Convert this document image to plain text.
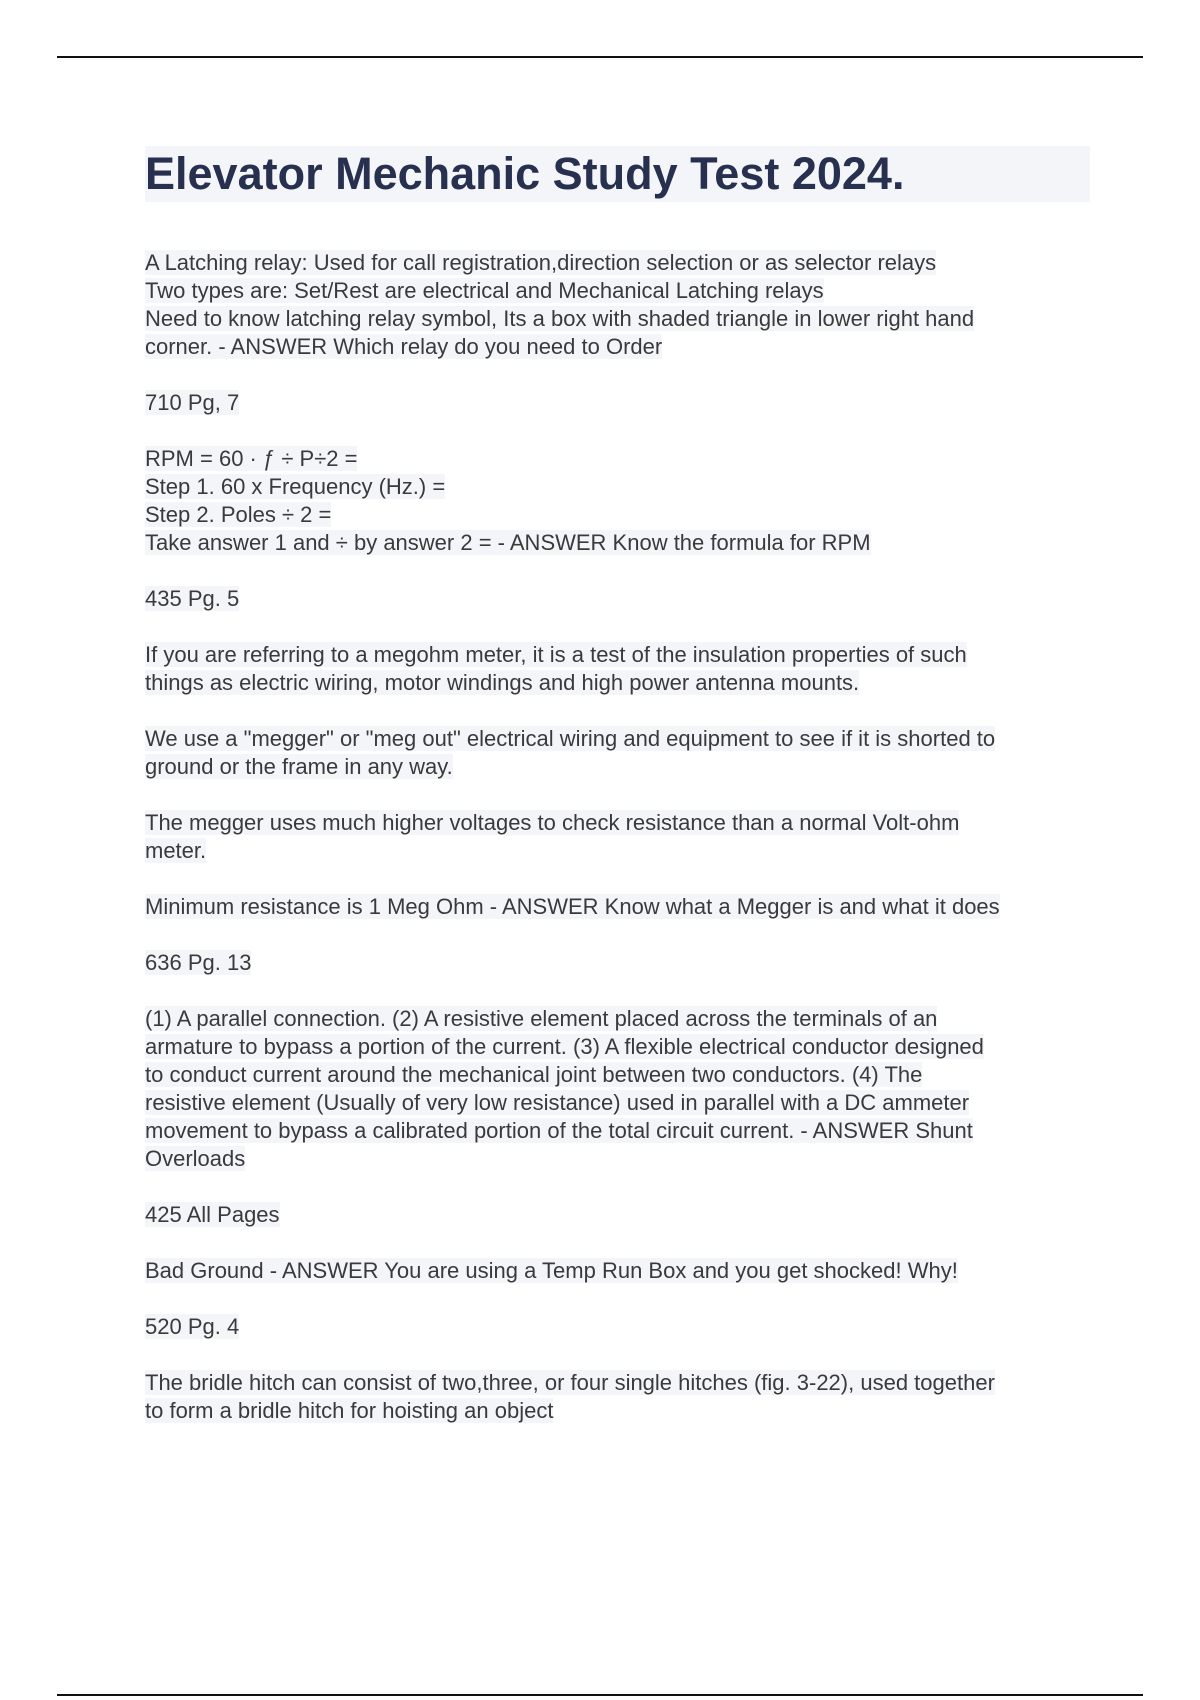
Elevator Mechanic Study Test 2024.

A Latching relay: Used for call registration,direction selection or as selector relays
Two types are: Set/Rest are electrical and Mechanical Latching relays
Need to know latching relay symbol, Its a box with shaded triangle in lower right hand
corner. - ANSWER Which relay do you need to Order

710 Pg, 7

RPM = 60 · ƒ ÷ P÷2 =
Step 1. 60 x Frequency (Hz.) =
Step 2. Poles ÷ 2 =
Take answer 1 and ÷ by answer 2 = - ANSWER Know the formula for RPM

435 Pg. 5

If you are referring to a megohm meter, it is a test of the insulation properties of such
things as electric wiring, motor windings and high power antenna mounts.

We use a "megger" or "meg out" electrical wiring and equipment to see if it is shorted to
ground or the frame in any way.

The megger uses much higher voltages to check resistance than a normal Volt-ohm
meter.

Minimum resistance is 1 Meg Ohm - ANSWER Know what a Megger is and what it does

636 Pg. 13

(1) A parallel connection. (2) A resistive element placed across the terminals of an
armature to bypass a portion of the current. (3) A flexible electrical conductor designed
to conduct current around the mechanical joint between two conductors. (4) The
resistive element (Usually of very low resistance) used in parallel with a DC ammeter
movement to bypass a calibrated portion of the total circuit current. - ANSWER Shunt
Overloads

425 All Pages

Bad Ground - ANSWER You are using a Temp Run Box and you get shocked! Why!

520 Pg. 4

The bridle hitch can consist of two,three, or four single hitches (fig. 3-22), used together
to form a bridle hitch for hoisting an object
